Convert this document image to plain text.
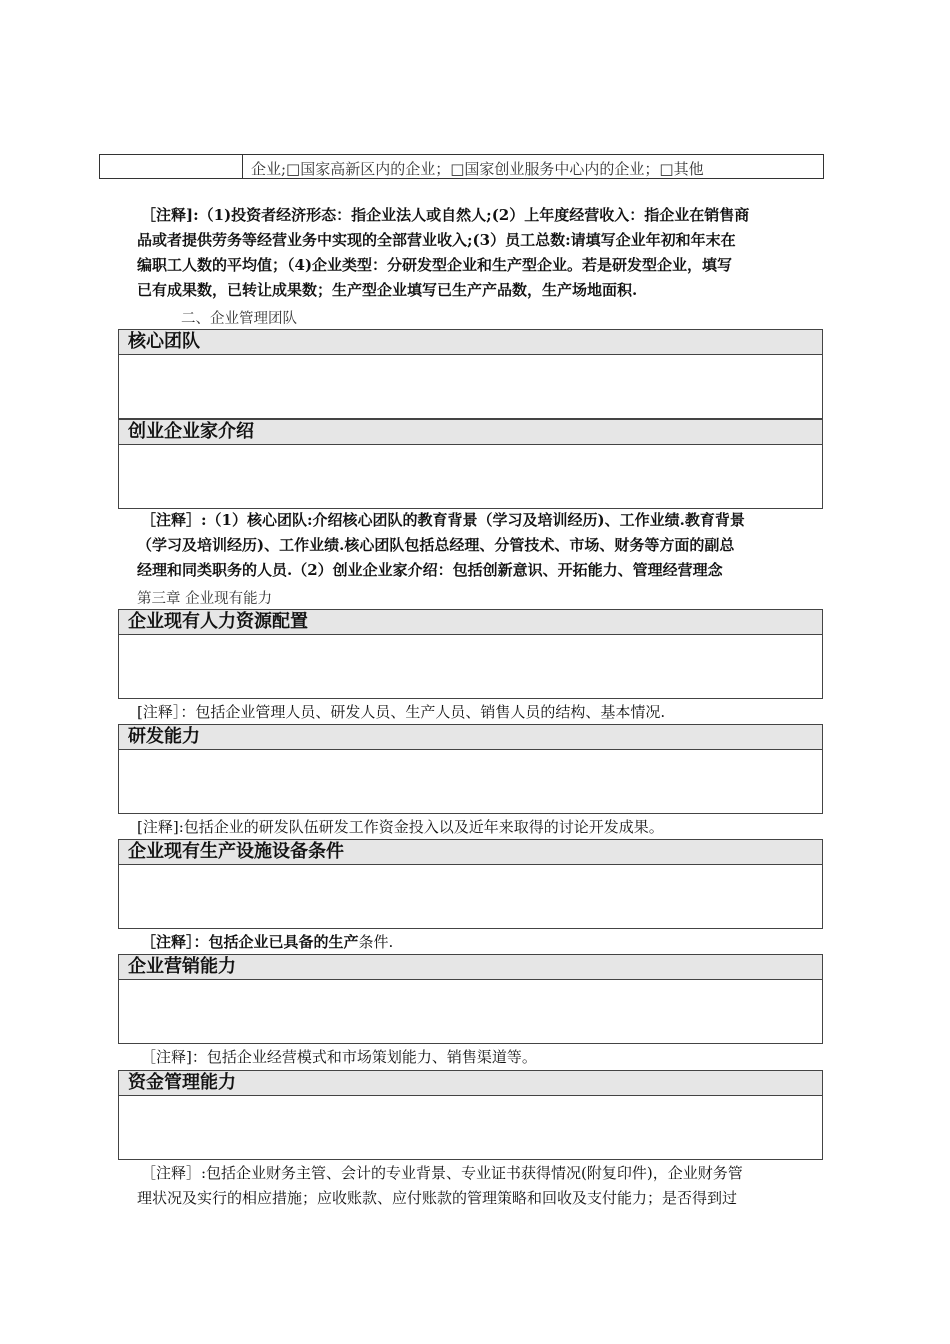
企业;□国家高新区内的企业；□国家创业服务中心内的企业；□其他
［注释]:（1)投资者经济形态：指企业法人或自然人;(2）上年度经营收入：指企业在销售商
品或者提供劳务等经营业务中实现的全部营业收入;(3）员工总数:请填写企业年初和年末在
编职工人数的平均值；（4)企业类型：分研发型企业和生产型企业。若是研发型企业，填写
已有成果数，已转让成果数；生产型企业填写已生产产品数，生产场地面积.
二、企业管理团队
核心团队
创业企业家介绍
［注释］:（1）核心团队:介绍核心团队的教育背景（学习及培训经历)、工作业绩.教育背景
（学习及培训经历)、工作业绩.核心团队包括总经理、分管技术、市场、财务等方面的副总
经理和同类职务的人员.（2）创业企业家介绍：包括创新意识、开拓能力、管理经营理念
第三章 企业现有能力
企业现有人力资源配置
[注释］：包括企业管理人员、研发人员、生产人员、销售人员的结构、基本情况.
研发能力
[注释]:包括企业的研发队伍研发工作资金投入以及近年来取得的讨论开发成果。
企业现有生产设施设备条件
［注释］：包括企业已具备的生产条件.
企业营销能力
［注释]：包括企业经营模式和市场策划能力、销售渠道等。
资金管理能力
［注释］:包括企业财务主管、会计的专业背景、专业证书获得情况(附复印件)，企业财务管
理状况及实行的相应措施；应收账款、应付账款的管理策略和回收及支付能力；是否得到过
